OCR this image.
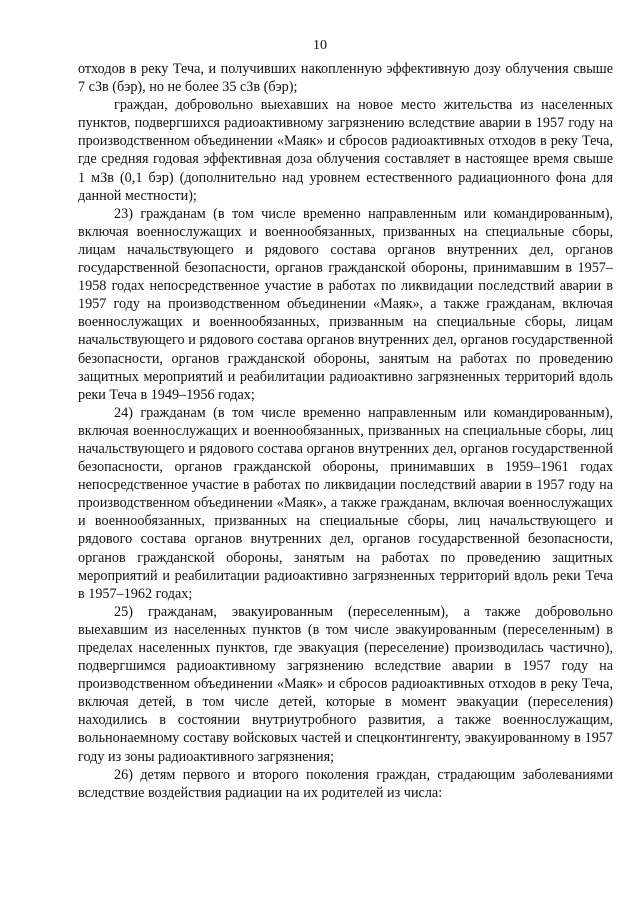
10

отходов в реку Теча, и получивших накопленную эффективную дозу облучения свыше 7 сЗв (бэр), но не более 35 сЗв (бэр);

граждан, добровольно выехавших на новое место жительства из населенных пунктов, подвергшихся радиоактивному загрязнению вследствие аварии в 1957 году на производственном объединении «Маяк» и сбросов радиоактивных отходов в реку Теча, где средняя годовая эффективная доза облучения составляет в настоящее время свыше 1 мЗв (0,1 бэр) (дополнительно над уровнем естественного радиационного фона для данной местности);

23) гражданам (в том числе временно направленным или командированным), включая военнослужащих и военнообязанных, призванных на специальные сборы, лицам начальствующего и рядового состава органов внутренних дел, органов государственной безопасности, органов гражданской обороны, принимавшим в 1957–1958 годах непосредственное участие в работах по ликвидации последствий аварии в 1957 году на производственном объединении «Маяк», а также гражданам, включая военнослужащих и военнообязанных, призванным на специальные сборы, лицам начальствующего и рядового состава органов внутренних дел, органов государственной безопасности, органов гражданской обороны, занятым на работах по проведению защитных мероприятий и реабилитации радиоактивно загрязненных территорий вдоль реки Теча в 1949–1956 годах;

24) гражданам (в том числе временно направленным или командированным), включая военнослужащих и военнообязанных, призванных на специальные сборы, лиц начальствующего и рядового состава органов внутренних дел, органов государственной безопасности, органов гражданской обороны, принимавших в 1959–1961 годах непосредственное участие в работах по ликвидации последствий аварии в 1957 году на производственном объединении «Маяк», а также гражданам, включая военнослужащих и военнообязанных, призванных на специальные сборы, лиц начальствующего и рядового состава органов внутренних дел, органов государственной безопасности, органов гражданской обороны, занятым на работах по проведению защитных мероприятий и реабилитации радиоактивно загрязненных территорий вдоль реки Теча в 1957–1962 годах;

25) гражданам, эвакуированным (переселенным), а также добровольно выехавшим из населенных пунктов (в том числе эвакуированным (переселенным) в пределах населенных пунктов, где эвакуация (переселение) производилась частично), подвергшимся радиоактивному загрязнению вследствие аварии в 1957 году на производственном объединении «Маяк» и сбросов радиоактивных отходов в реку Теча, включая детей, в том числе детей, которые в момент эвакуации (переселения) находились в состоянии внутриутробного развития, а также военнослужащим, вольнонаемному составу войсковых частей и спецконтингенту, эвакуированному в 1957 году из зоны радиоактивного загрязнения;

26) детям первого и второго поколения граждан, страдающим заболеваниями вследствие воздействия радиации на их родителей из числа:
